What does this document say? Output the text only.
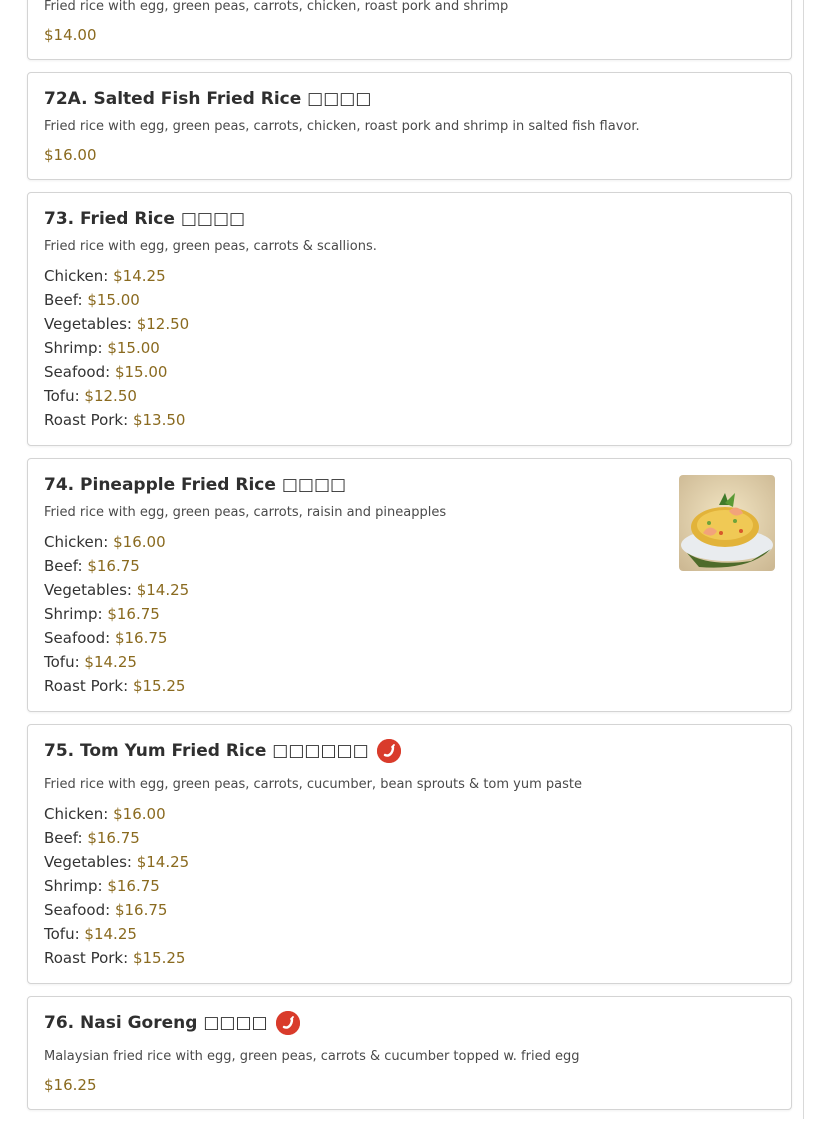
Fried rice with egg, green peas, carrots, chicken, roast pork and shrimp
$14.00
72A. Salted Fish Fried Rice □□□□
Fried rice with egg, green peas, carrots, chicken, roast pork and shrimp in salted fish flavor.
$16.00
73. Fried Rice □□□□
Fried rice with egg, green peas, carrots & scallions.
Chicken: $14.25
Beef: $15.00
Vegetables: $12.50
Shrimp: $15.00
Seafood: $15.00
Tofu: $12.50
Roast Pork: $13.50
74. Pineapple Fried Rice □□□□
Fried rice with egg, green peas, carrots, raisin and pineapples
Chicken: $16.00
Beef: $16.75
Vegetables: $14.25
Shrimp: $16.75
Seafood: $16.75
Tofu: $14.25
Roast Pork: $15.25
75. Tom Yum Fried Rice □□□□□□
Fried rice with egg, green peas, carrots, cucumber, bean sprouts & tom yum paste
Chicken: $16.00
Beef: $16.75
Vegetables: $14.25
Shrimp: $16.75
Seafood: $16.75
Tofu: $14.25
Roast Pork: $15.25
76. Nasi Goreng □□□□
Malaysian fried rice with egg, green peas, carrots & cucumber topped w. fried egg
$16.25
